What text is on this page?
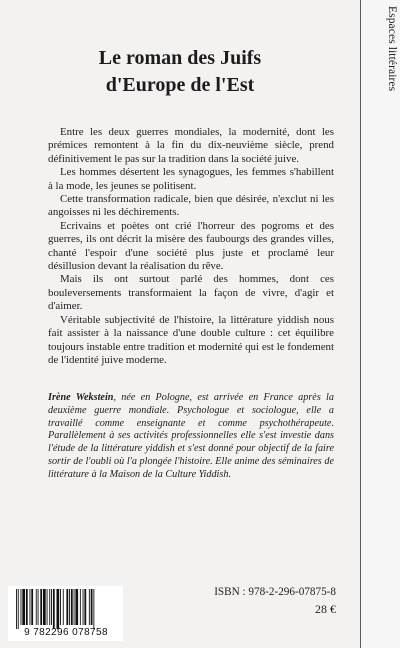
Le roman des Juifs
d'Europe de l'Est

Entre les deux guerres mondiales, la modernité, dont les prémices remontent à la fin du dix-neuvième siècle, prend définitivement le pas sur la tradition dans la société juive.

Les hommes désertent les synagogues, les femmes s'habillent à la mode, les jeunes se politisent.

Cette transformation radicale, bien que désirée, n'exclut ni les angoisses ni les déchirements.

Ecrivains et poètes ont crié l'horreur des pogroms et des guerres, ils ont décrit la misère des faubourgs des grandes villes, chanté l'espoir d'une société plus juste et proclamé leur désillusion devant la réalisation du rêve.

Mais ils ont surtout parlé des hommes, dont ces bouleversements transformaient la façon de vivre, d'agir et d'aimer.

Véritable subjectivité de l'histoire, la littérature yiddish nous fait assister à la naissance d'une double culture : cet équilibre toujours instable entre tradition et modernité qui est le fondement de l'identité juive moderne.

Irène Wekstein, née en Pologne, est arrivée en France après la deuxième guerre mondiale. Psychologue et sociologue, elle a travaillé comme enseignante et comme psychothérapeute. Parallèlement à ses activités professionnelles elle s'est investie dans l'étude de la littérature yiddish et s'est donné pour objectif de la faire sortir de l'oubli où l'a plongée l'histoire. Elle anime des séminaires de littérature à la Maison de la Culture Yiddish.
9 782296 078758
ISBN : 978-2-296-07875-8
28 €
Espaces littéraires
